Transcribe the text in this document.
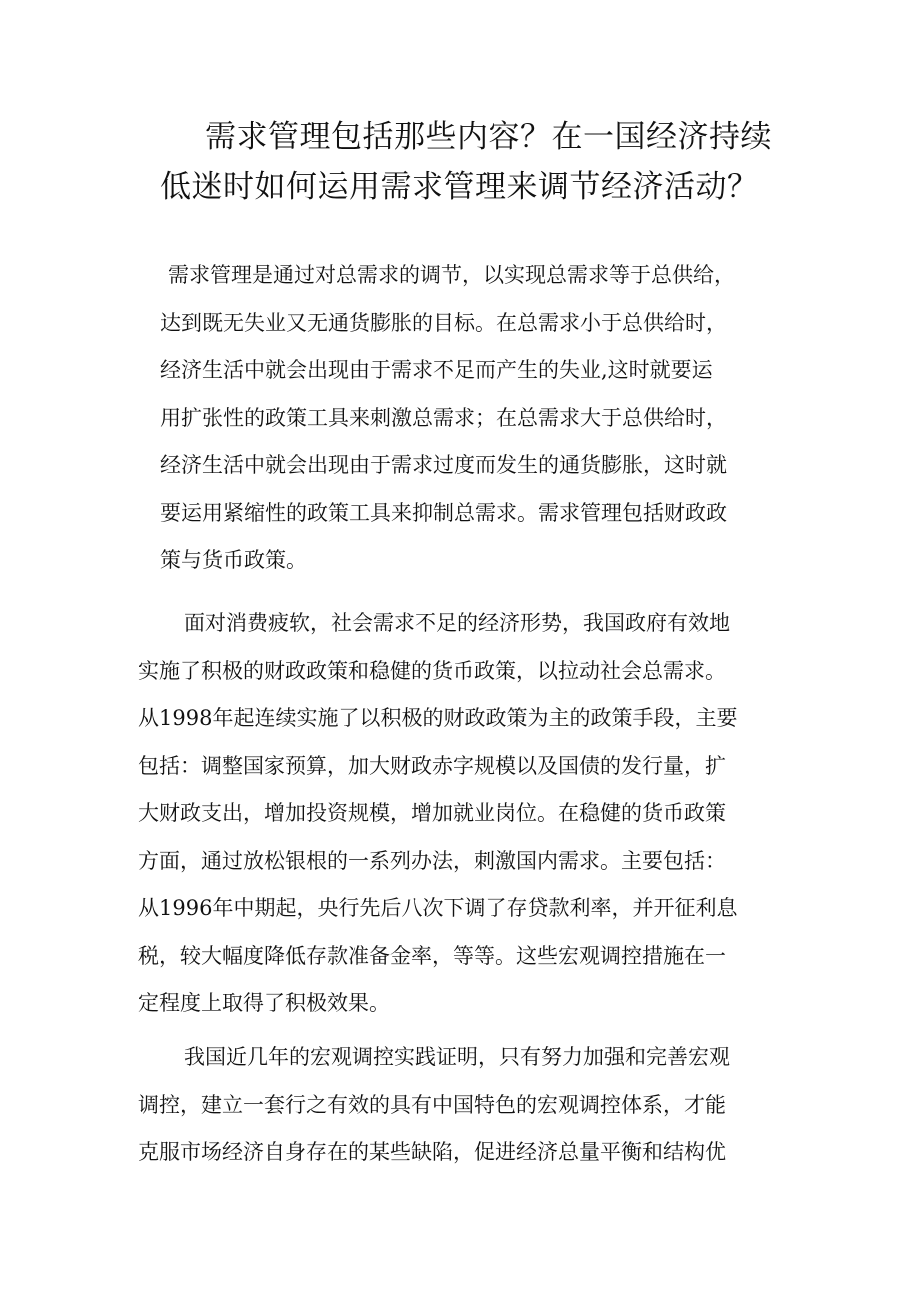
需求管理包括那些内容？在一国经济持续
低迷时如何运用需求管理来调节经济活动？

需求管理是通过对总需求的调节，以实现总需求等于总供给，
达到既无失业又无通货膨胀的目标。在总需求小于总供给时，
经济生活中就会出现由于需求不足而产生的失业,这时就要运
用扩张性的政策工具来刺激总需求；在总需求大于总供给时，
经济生活中就会出现由于需求过度而发生的通货膨胀，这时就
要运用紧缩性的政策工具来抑制总需求。需求管理包括财政政
策与货币政策。

面对消费疲软，社会需求不足的经济形势，我国政府有效地
实施了积极的财政政策和稳健的货币政策，以拉动社会总需求。
从1998年起连续实施了以积极的财政政策为主的政策手段，主要
包括：调整国家预算，加大财政赤字规模以及国债的发行量，扩
大财政支出，增加投资规模，增加就业岗位。在稳健的货币政策
方面，通过放松银根的一系列办法，刺激国内需求。主要包括：
从1996年中期起，央行先后八次下调了存贷款利率，并开征利息
税，较大幅度降低存款准备金率，等等。这些宏观调控措施在一
定程度上取得了积极效果。

我国近几年的宏观调控实践证明，只有努力加强和完善宏观
调控，建立一套行之有效的具有中国特色的宏观调控体系，才能
克服市场经济自身存在的某些缺陷，促进经济总量平衡和结构优
